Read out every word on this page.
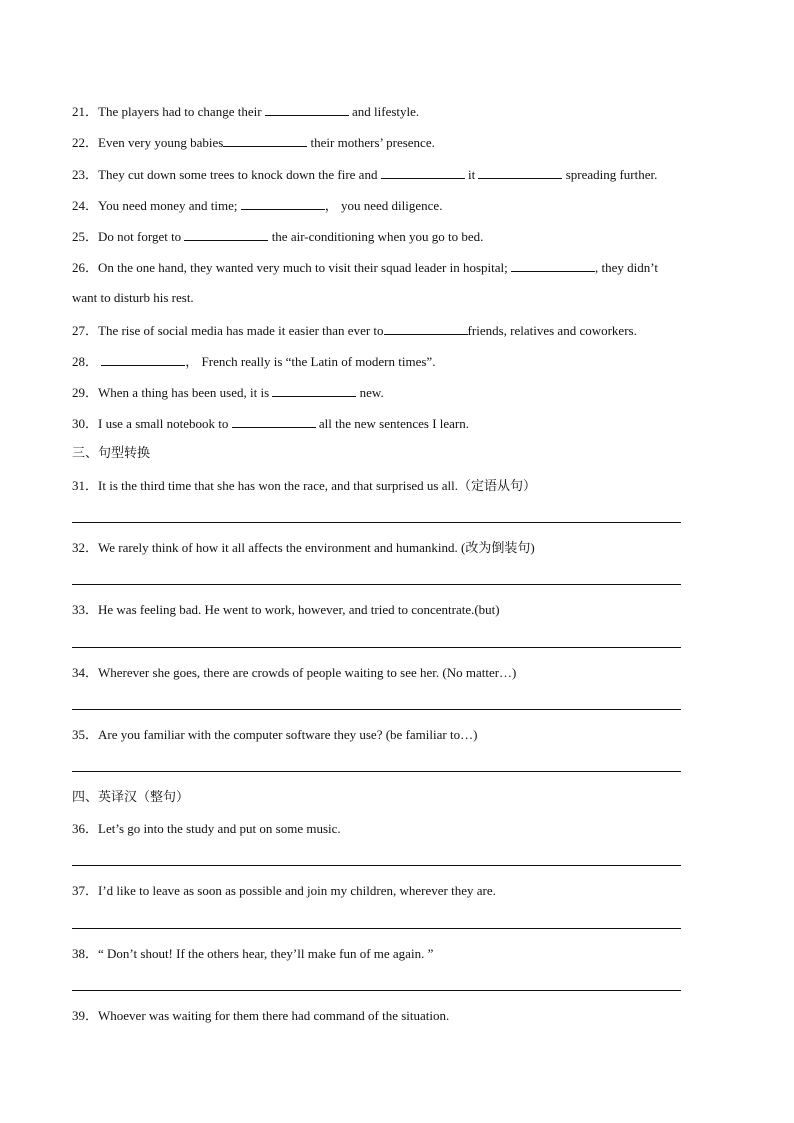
21．The players had to change their	and lifestyle.
22．Even very young babies	their mothers’ presence.
23．They cut down some trees to knock down the fire and	it	spreading further.
24．You need money and time;	， you need diligence.
25．Do not forget to	the air-conditioning when you go to bed.
26．On the one hand, they wanted very much to visit their squad leader in hospital;	, they didn’t
want to disturb his rest.
27．The rise of social media has made it easier than ever to	friends, relatives and coworkers.
28．	， French really is “the Latin of modern times”.
29．When a thing has been used, it is	new.
30．I use a small notebook to	all the new sentences I learn.
三、句型转换
31．It is the third time that she has won the race, and that surprised us all.（定语从句）
32．We rarely think of how it all affects the environment and humankind. (改为倒装句)
33．He was feeling bad. He went to work, however, and tried to concentrate.(but)
34．Wherever she goes, there are crowds of people waiting to see her. (No matter…)
35．Are you familiar with the computer software they use? (be familiar to…)
四、英译汉（整句）
36．Let’s go into the study and put on some music.
37．I’d like to leave as soon as possible and join my children, wherever they are.
38．“ Don’t shout! If the others hear, they’ll make fun of me again. ”
39．Whoever was waiting for them there had command of the situation.
